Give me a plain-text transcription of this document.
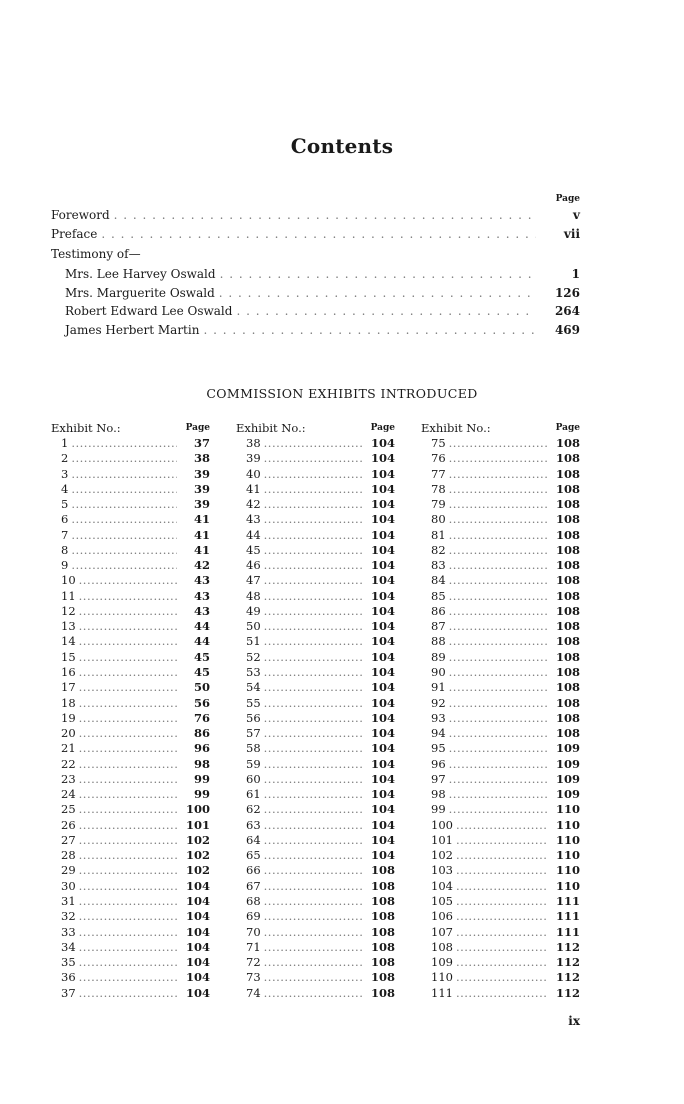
Contents
Page
Foreword . . .	v
Preface . . .	vii
Testimony of—
Mrs. Lee Harvey Oswald . . .	1
Mrs. Marguerite Oswald . . .	126
Robert Edward Lee Oswald . . .	264
James Herbert Martin . . .	469
COMMISSION EXHIBITS INTRODUCED
Exhibit No.:	Page
1 .....	37
2 .....	38
3 .....	39
4 .....	39
5 .....	39
6 .....	41
7 .....	41
8 .....	41
9 .....	42
10 .....	43
11 .....	43
12 .....	43
13 .....	44
14 .....	44
15 .....	45
16 .....	45
17 .....	50
18 .....	56
19 .....	76
20 .....	86
21 .....	96
22 .....	98
23 .....	99
24 .....	99
25 .....	100
26 .....	101
27 .....	102
28 .....	102
29 .....	102
30 .....	104
31 .....	104
32 .....	104
33 .....	104
34 .....	104
35 .....	104
36 .....	104
37 .....	104
Exhibit No.:	Page
38 .....	104
39 .....	104
40 .....	104
41 .....	104
42 .....	104
43 .....	104
44 .....	104
45 .....	104
46 .....	104
47 .....	104
48 .....	104
49 .....	104
50 .....	104
51 .....	104
52 .....	104
53 .....	104
54 .....	104
55 .....	104
56 .....	104
57 .....	104
58 .....	104
59 .....	104
60 .....	104
61 .....	104
62 .....	104
63 .....	104
64 .....	104
65 .....	104
66 .....	108
67 .....	108
68 .....	108
69 .....	108
70 .....	108
71 .....	108
72 .....	108
73 .....	108
74 .....	108
Exhibit No.:	Page
75 .....	108
76 .....	108
77 .....	108
78 .....	108
79 .....	108
80 .....	108
81 .....	108
82 .....	108
83 .....	108
84 .....	108
85 .....	108
86 .....	108
87 .....	108
88 .....	108
89 .....	108
90 .....	108
91 .....	108
92 .....	108
93 .....	108
94 .....	108
95 .....	109
96 .....	109
97 .....	109
98 .....	109
99 .....	110
100 .....	110
101 .....	110
102 .....	110
103 .....	110
104 .....	110
105 .....	111
106 .....	111
107 .....	111
108 .....	112
109 .....	112
110 .....	112
111 .....	112
ix
